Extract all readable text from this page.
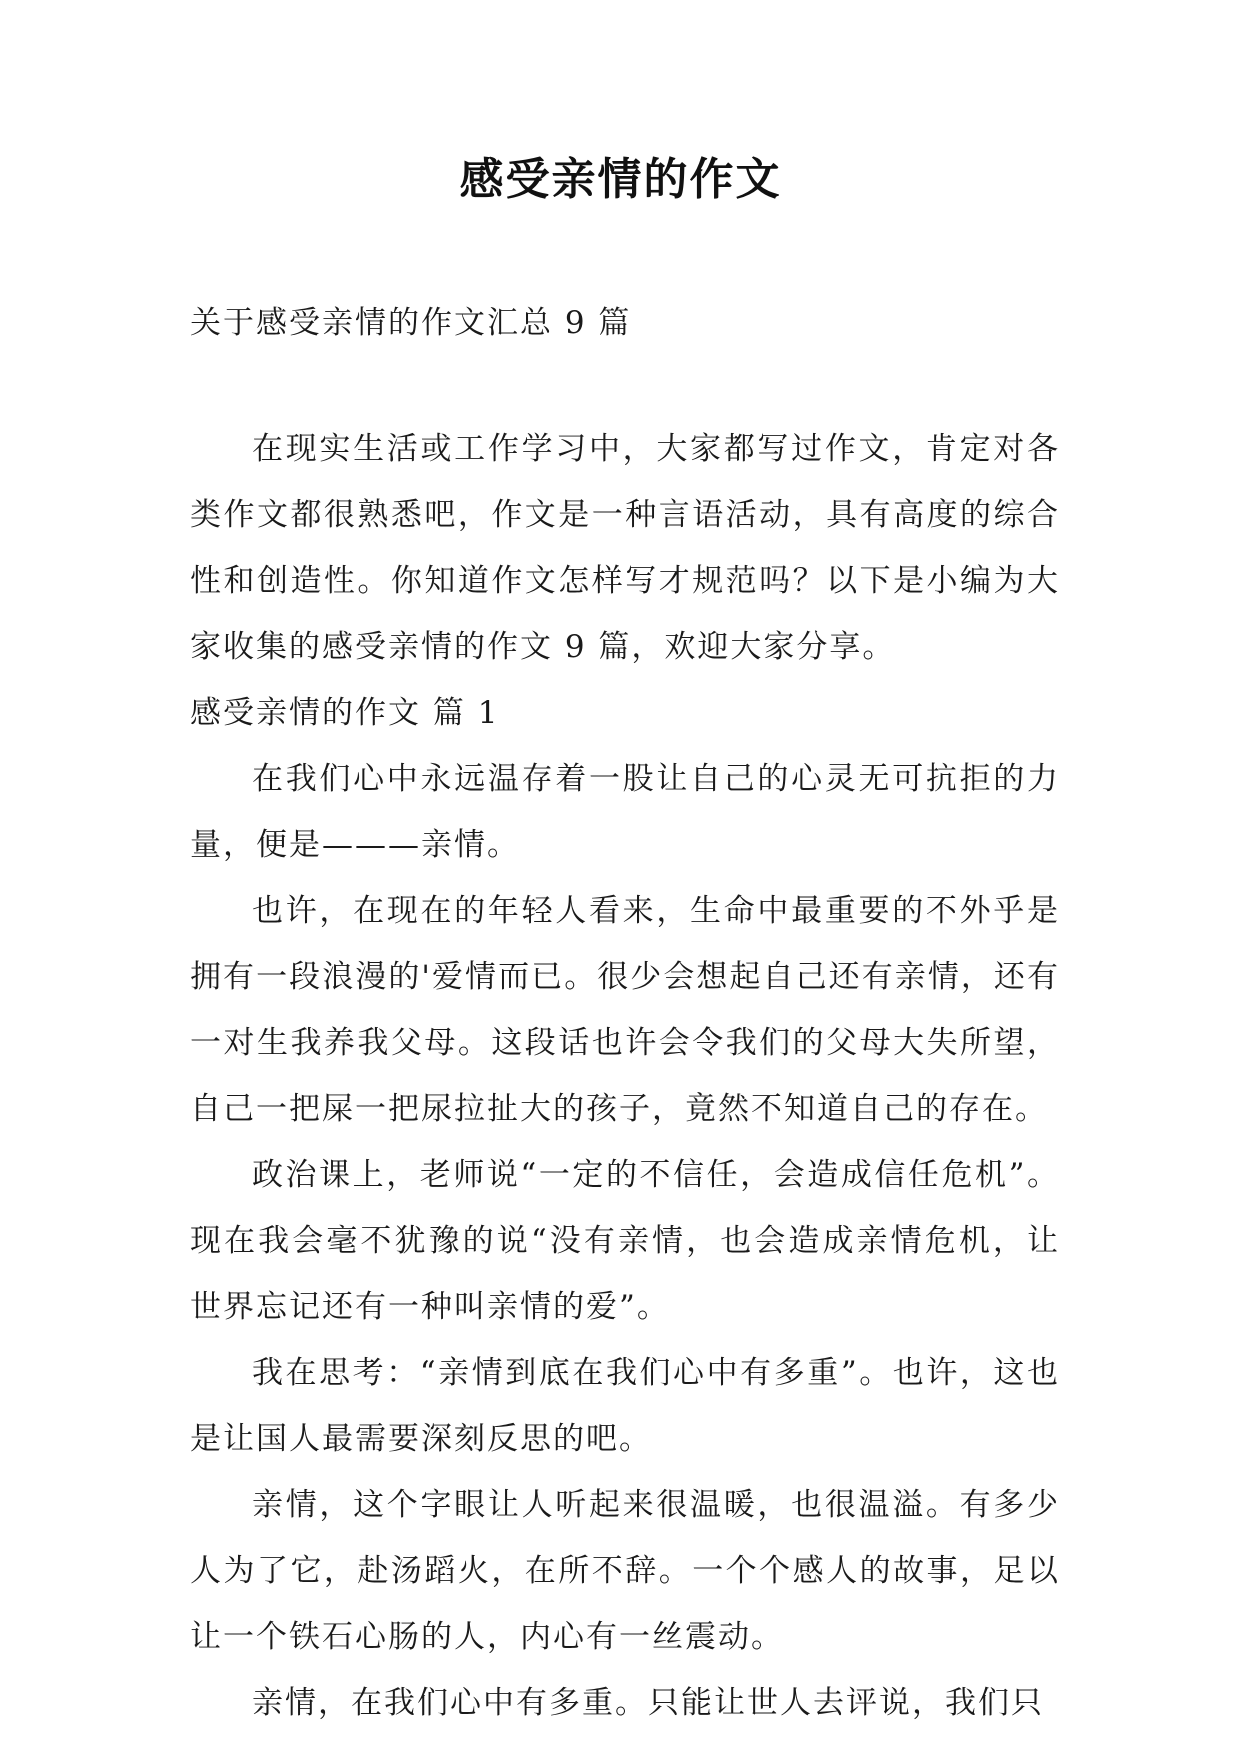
感受亲情的作文

关于感受亲情的作文汇总 9 篇

在现实生活或工作学习中，大家都写过作文，肯定对各类作文都很熟悉吧，作文是一种言语活动，具有高度的综合性和创造性。你知道作文怎样写才规范吗？以下是小编为大家收集的感受亲情的作文 9 篇，欢迎大家分享。

感受亲情的作文 篇 1

在我们心中永远温存着一股让自己的心灵无可抗拒的力量，便是———亲情。

也许，在现在的年轻人看来，生命中最重要的不外乎是拥有一段浪漫的'爱情而已。很少会想起自己还有亲情，还有一对生我养我父母。这段话也许会令我们的父母大失所望，自己一把屎一把尿拉扯大的孩子，竟然不知道自己的存在。

政治课上，老师说“一定的不信任，会造成信任危机”。现在我会毫不犹豫的说“没有亲情，也会造成亲情危机，让世界忘记还有一种叫亲情的爱”。

我在思考：“亲情到底在我们心中有多重”。也许，这也是让国人最需要深刻反思的吧。

亲情，这个字眼让人听起来很温暖，也很温溢。有多少人为了它，赴汤蹈火，在所不辞。一个个感人的故事，足以让一个铁石心肠的人，内心有一丝震动。

亲情，在我们心中有多重。只能让世人去评说，我们只
